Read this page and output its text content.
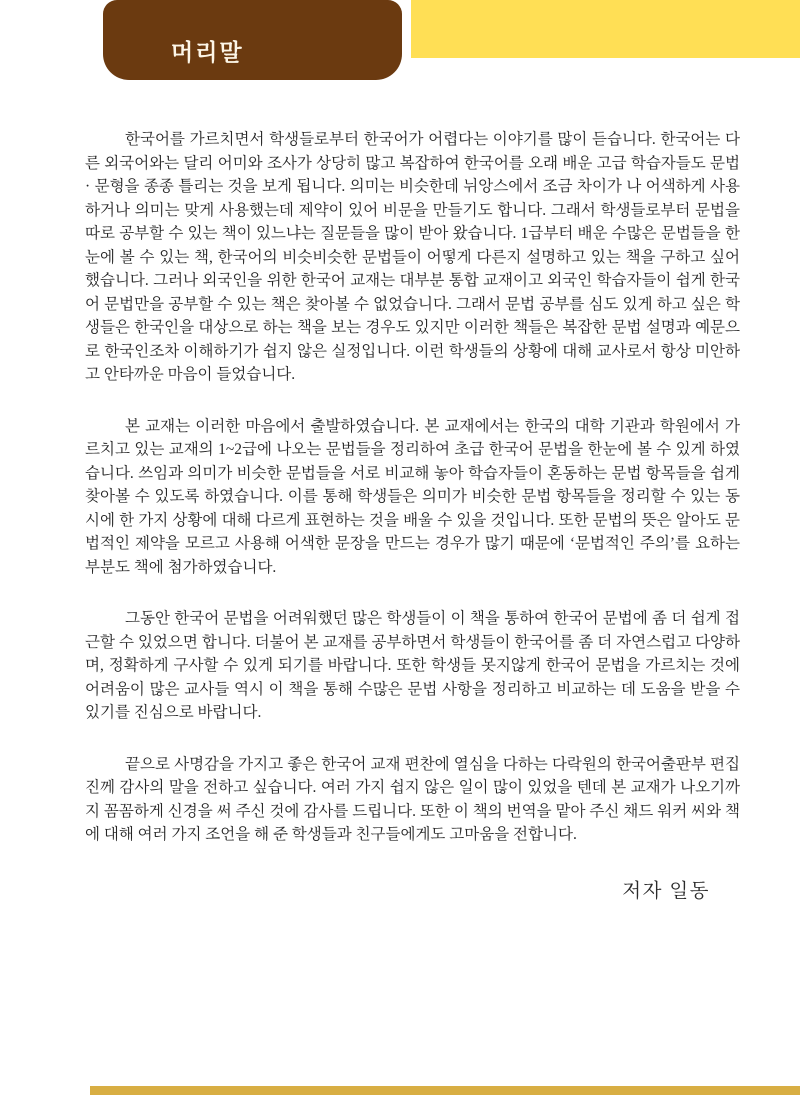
머리말

한국어를 가르치면서 학생들로부터 한국어가 어렵다는 이야기를 많이 듣습니다. 한국어는 다른 외국어와는 달리 어미와 조사가 상당히 많고 복잡하여 한국어를 오래 배운 고급 학습자들도 문법 · 문형을 종종 틀리는 것을 보게 됩니다. 의미는 비슷한데 뉘앙스에서 조금 차이가 나 어색하게 사용하거나 의미는 맞게 사용했는데 제약이 있어 비문을 만들기도 합니다. 그래서 학생들로부터 문법을 따로 공부할 수 있는 책이 있느냐는 질문들을 많이 받아 왔습니다. 1급부터 배운 수많은 문법들을 한눈에 볼 수 있는 책, 한국어의 비슷비슷한 문법들이 어떻게 다른지 설명하고 있는 책을 구하고 싶어 했습니다. 그러나 외국인을 위한 한국어 교재는 대부분 통합 교재이고 외국인 학습자들이 쉽게 한국어 문법만을 공부할 수 있는 책은 찾아볼 수 없었습니다. 그래서 문법 공부를 심도 있게 하고 싶은 학생들은 한국인을 대상으로 하는 책을 보는 경우도 있지만 이러한 책들은 복잡한 문법 설명과 예문으로 한국인조차 이해하기가 쉽지 않은 실정입니다. 이런 학생들의 상황에 대해 교사로서 항상 미안하고 안타까운 마음이 들었습니다.

본 교재는 이러한 마음에서 출발하였습니다. 본 교재에서는 한국의 대학 기관과 학원에서 가르치고 있는 교재의 1~2급에 나오는 문법들을 정리하여 초급 한국어 문법을 한눈에 볼 수 있게 하였습니다. 쓰임과 의미가 비슷한 문법들을 서로 비교해 놓아 학습자들이 혼동하는 문법 항목들을 쉽게 찾아볼 수 있도록 하였습니다. 이를 통해 학생들은 의미가 비슷한 문법 항목들을 정리할 수 있는 동시에 한 가지 상황에 대해 다르게 표현하는 것을 배울 수 있을 것입니다. 또한 문법의 뜻은 알아도 문법적인 제약을 모르고 사용해 어색한 문장을 만드는 경우가 많기 때문에 ‘문법적인 주의’를 요하는 부분도 책에 첨가하였습니다.

그동안 한국어 문법을 어려워했던 많은 학생들이 이 책을 통하여 한국어 문법에 좀 더 쉽게 접근할 수 있었으면 합니다. 더불어 본 교재를 공부하면서 학생들이 한국어를 좀 더 자연스럽고 다양하며, 정확하게 구사할 수 있게 되기를 바랍니다. 또한 학생들 못지않게 한국어 문법을 가르치는 것에 어려움이 많은 교사들 역시 이 책을 통해 수많은 문법 사항을 정리하고 비교하는 데 도움을 받을 수 있기를 진심으로 바랍니다.

끝으로 사명감을 가지고 좋은 한국어 교재 편찬에 열심을 다하는 다락원의 한국어출판부 편집진께 감사의 말을 전하고 싶습니다. 여러 가지 쉽지 않은 일이 많이 있었을 텐데 본 교재가 나오기까지 꼼꼼하게 신경을 써 주신 것에 감사를 드립니다. 또한 이 책의 번역을 맡아 주신 채드 워커 씨와 책에 대해 여러 가지 조언을 해 준 학생들과 친구들에게도 고마움을 전합니다.

저자 일동
